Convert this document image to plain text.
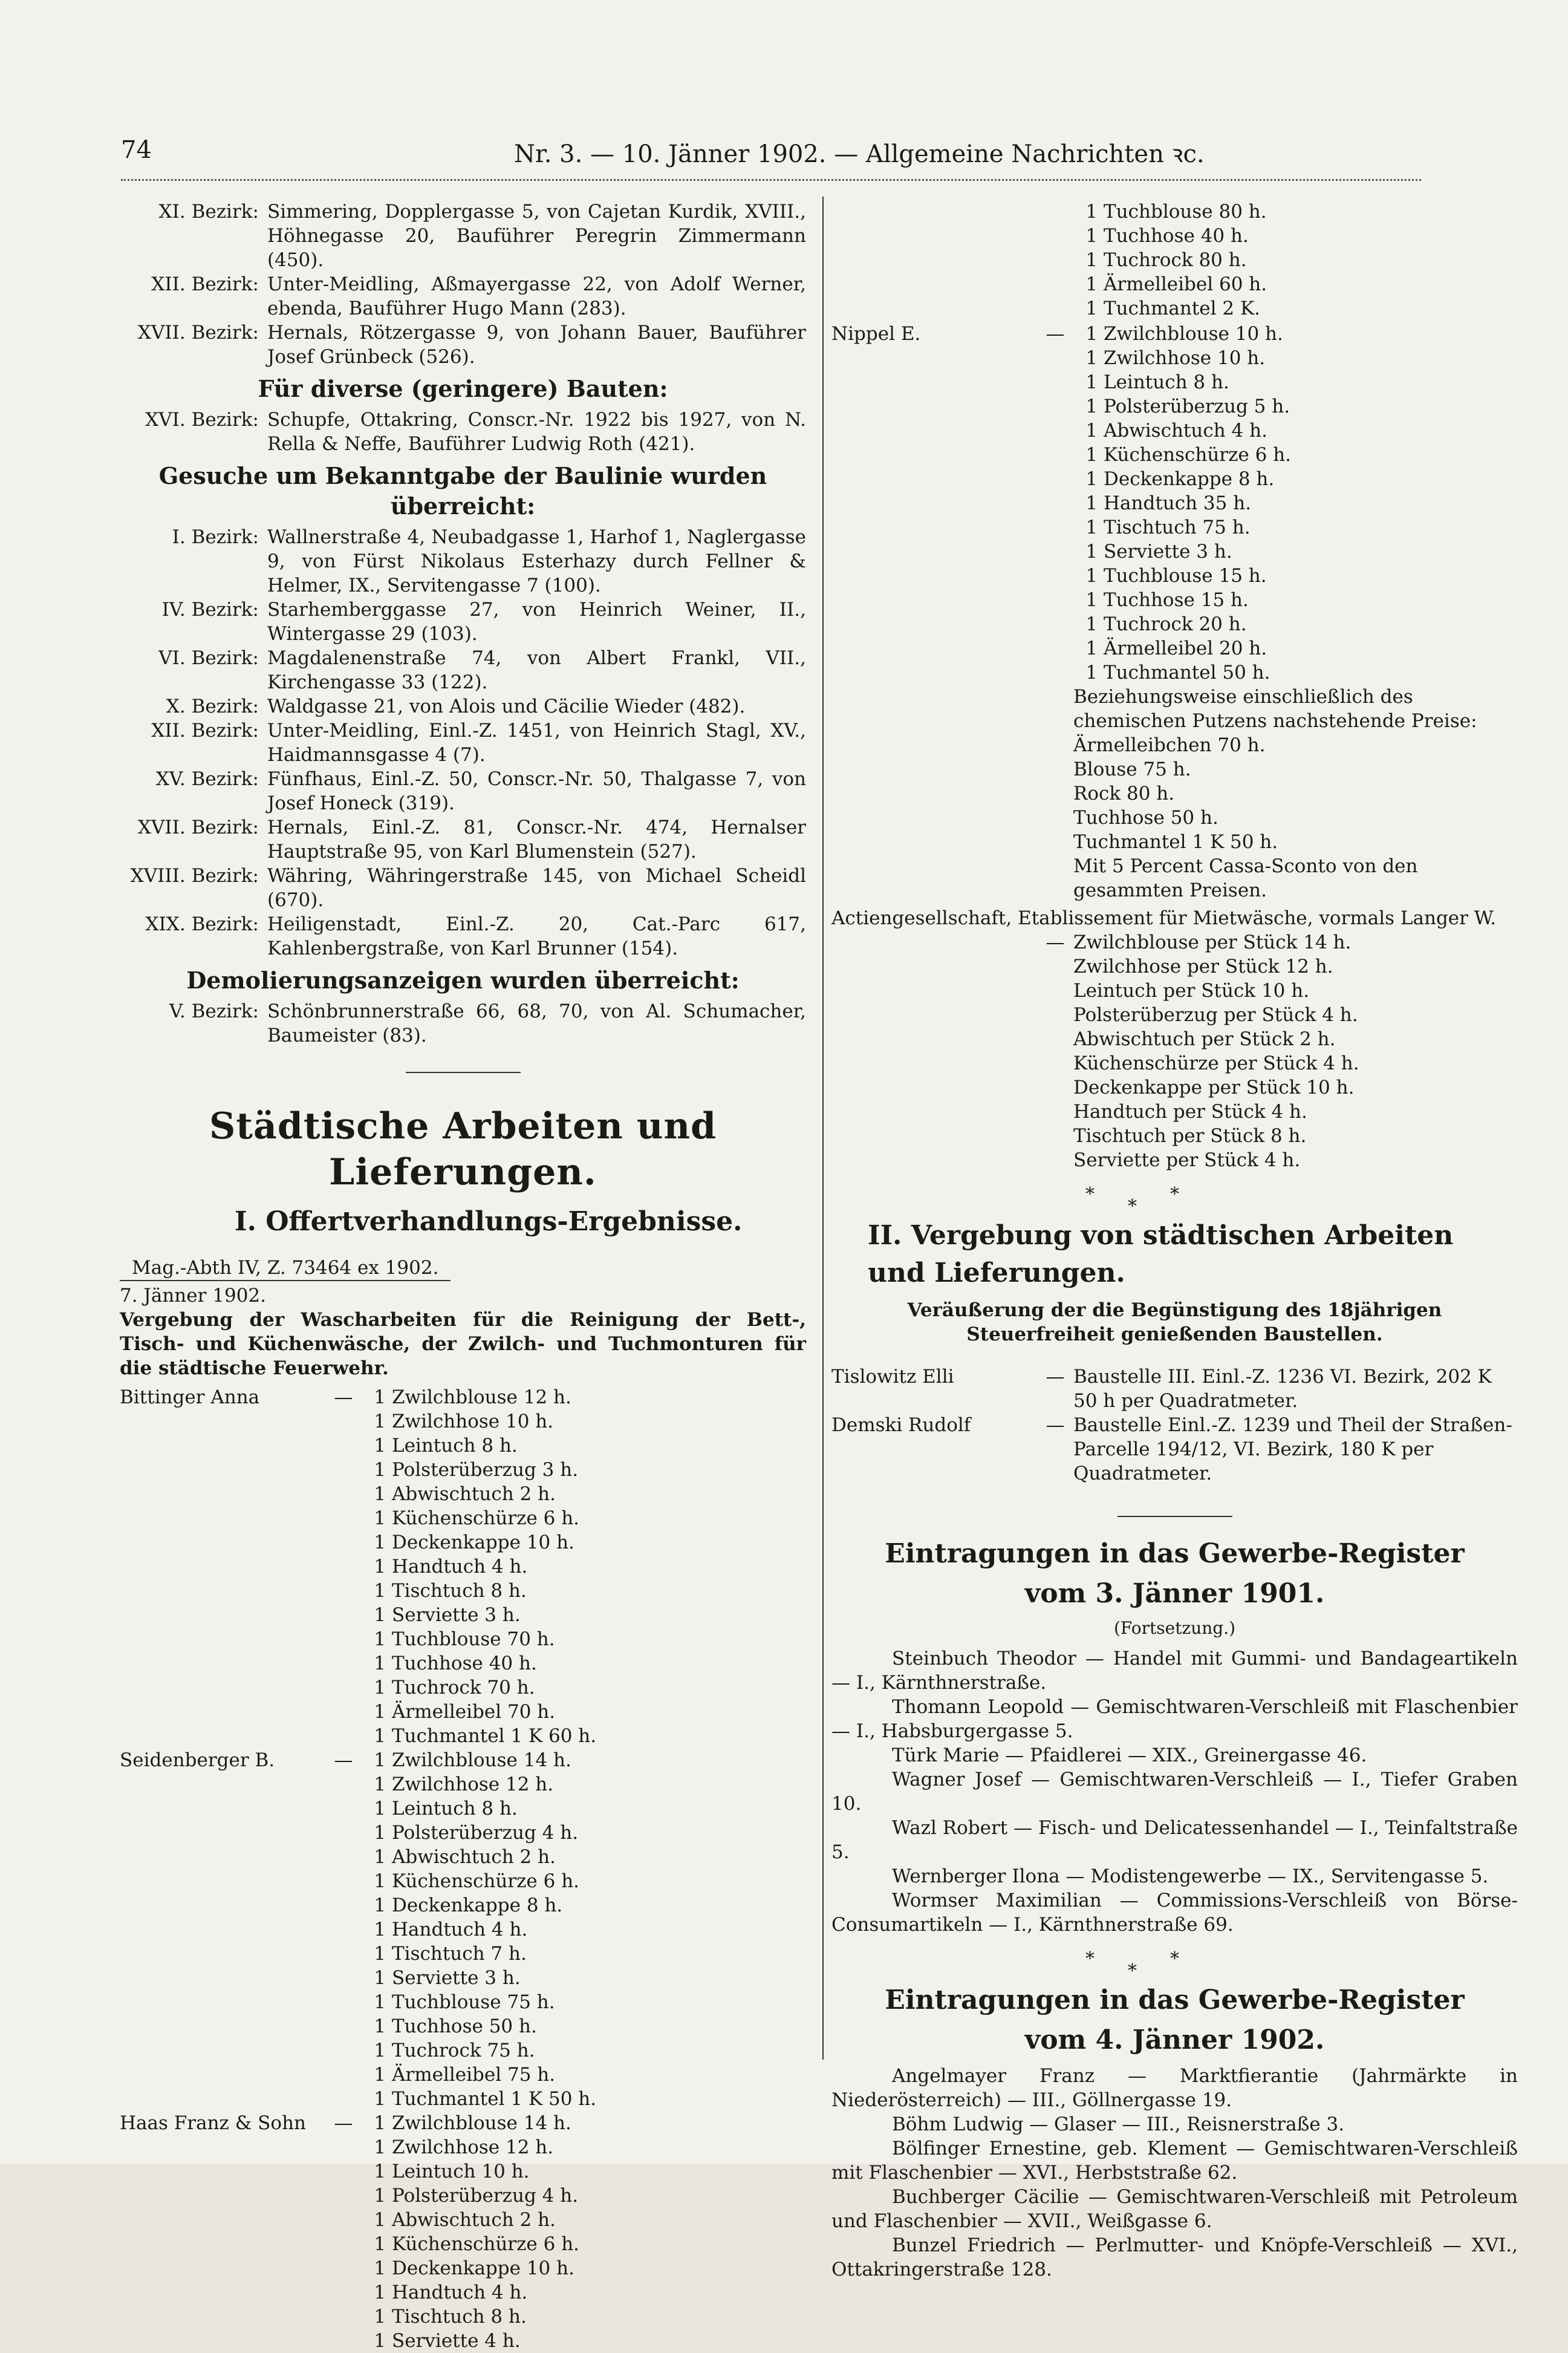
74	Nr. 3. — 10. Jänner 1902. — Allgemeine Nachrichten ꝛc.
XI. Bezirk: Simmering, Dopplergasse 5, von Cajetan Kurdik, XVIII., Höhnegasse 20, Bauführer Peregrin Zimmermann (450).
XII. Bezirk: Unter-Meidling, Aßmayergasse 22, von Adolf Werner, ebenda, Bauführer Hugo Mann (283).
XVII. Bezirk: Hernals, Rötzergasse 9, von Johann Bauer, Bauführer Josef Grünbeck (526).
Für diverse (geringere) Bauten:
XVI. Bezirk: Schupfe, Ottakring, Conscr.-Nr. 1922 bis 1927, von N. Rella & Neffe, Bauführer Ludwig Roth (421).
Gesuche um Bekanntgabe der Baulinie wurden überreicht:
I. Bezirk: Wallnerstraße 4, Neubadgasse 1, Harhof 1, Naglergasse 9, von Fürst Nikolaus Esterhazy durch Fellner & Helmer, IX., Servitengasse 7 (100).
IV. Bezirk: Starhemberggasse 27, von Heinrich Weiner, II., Wintergasse 29 (103).
VI. Bezirk: Magdalenenstraße 74, von Albert Frankl, VII., Kirchengasse 33 (122).
X. Bezirk: Waldgasse 21, von Alois und Cäcilie Wieder (482).
XII. Bezirk: Unter-Meidling, Einl.-Z. 1451, von Heinrich Stagl, XV., Haidmannsgasse 4 (7).
XV. Bezirk: Fünfhaus, Einl.-Z. 50, Conscr.-Nr. 50, Thalgasse 7, von Josef Honeck (319).
XVII. Bezirk: Hernals, Einl.-Z. 81, Conscr.-Nr. 474, Hernalser Hauptstraße 95, von Karl Blumenstein (527).
XVIII. Bezirk: Währing, Währingerstraße 145, von Michael Scheidl (670).
XIX. Bezirk: Heiligenstadt, Einl.-Z. 20, Cat.-Parc 617, Kahlenbergstraße, von Karl Brunner (154).
Demolierungsanzeigen wurden überreicht:
V. Bezirk: Schönbrunnerstraße 66, 68, 70, von Al. Schumacher, Baumeister (83).
Städtische Arbeiten und Lieferungen.
I. Offertverhandlungs-Ergebnisse.
Mag.-Abth IV, Z. 73464 ex 1902.

7. Jänner 1902.

Vergebung der Wascharbeiten für die Reinigung der Bett-, Tisch- und Küchenwäsche, der Zwilch- und Tuchmonturen für die städtische Feuerwehr.

Bittinger Anna	—	1 Zwilchblouse 12 h.
1 Zwilchhose 10 h.
1 Leintuch 8 h.
1 Polsterüberzug 3 h.
1 Abwischtuch 2 h.
1 Küchenschürze 6 h.
1 Deckenkappe 10 h.
1 Handtuch 4 h.
1 Tischtuch 8 h.
1 Serviette 3 h.
1 Tuchblouse 70 h.
1 Tuchhose 40 h.
1 Tuchrock 70 h.
1 Ärmelleibel 70 h.
1 Tuchmantel 1 K 60 h.
Seidenberger B.	—	1 Zwilchblouse 14 h.
1 Zwilchhose 12 h.
1 Leintuch 8 h.
1 Polsterüberzug 4 h.
1 Abwischtuch 2 h.
1 Küchenschürze 6 h.
1 Deckenkappe 8 h.
1 Handtuch 4 h.
1 Tischtuch 7 h.
1 Serviette 3 h.
1 Tuchblouse 75 h.
1 Tuchhose 50 h.
1 Tuchrock 75 h.
1 Ärmelleibel 75 h.
1 Tuchmantel 1 K 50 h.
Haas Franz & Sohn	—	1 Zwilchblouse 14 h.
1 Zwilchhose 12 h.
1 Leintuch 10 h.
1 Polsterüberzug 4 h.
1 Abwischtuch 2 h.
1 Küchenschürze 6 h.
1 Deckenkappe 10 h.
1 Handtuch 4 h.
1 Tischtuch 8 h.
1 Serviette 4 h.
1 Tuchblouse 80 h.
1 Tuchhose 40 h.
1 Tuchrock 80 h.
1 Ärmelleibel 60 h.
1 Tuchmantel 2 K.
Nippel E.	—	1 Zwilchblouse 10 h.
1 Zwilchhose 10 h.
1 Leintuch 8 h.
1 Polsterüberzug 5 h.
1 Abwischtuch 4 h.
1 Küchenschürze 6 h.
1 Deckenkappe 8 h.
1 Handtuch 35 h.
1 Tischtuch 75 h.
1 Serviette 3 h.
1 Tuchblouse 15 h.
1 Tuchhose 15 h.
1 Tuchrock 20 h.
1 Ärmelleibel 20 h.
1 Tuchmantel 50 h.
Beziehungsweise einschließlich des chemischen Putzens nachstehende Preise:
Ärmelleibchen 70 h.
Blouse 75 h.
Rock 80 h.
Tuchhose 50 h.
Tuchmantel 1 K 50 h.
Mit 5 Percent Cassa-Sconto von den gesammten Preisen.

Actiengesellschaft, Etablissement für Mietwäsche, vormals Langer W.

— Zwilchblouse per Stück 14 h.
Zwilchhose per Stück 12 h.
Leintuch per Stück 10 h.
Polsterüberzug per Stück 4 h.
Abwischtuch per Stück 2 h.
Küchenschürze per Stück 4 h.
Deckenkappe per Stück 10 h.
Handtuch per Stück 4 h.
Tischtuch per Stück 8 h.
Serviette per Stück 4 h.
*	*
*
II. Vergebung von städtischen Arbeiten und Lieferungen.

Veräußerung der die Begünstigung des 18jährigen Steuerfreiheit genießenden Baustellen.

Tislowitz Elli	— Baustelle III. Einl.-Z. 1236 VI. Bezirk, 202 K 50 h per Quadratmeter.
Demski Rudolf	— Baustelle Einl.-Z. 1239 und Theil der Straßen-Parcelle 194/12, VI. Bezirk, 180 K per Quadratmeter.
Eintragungen in das Gewerbe-Register
vom 3. Jänner 1901.
(Fortsetzung.)

Steinbuch Theodor — Handel mit Gummi- und Bandageartikeln — I., Kärnthnerstraße.

Thomann Leopold — Gemischtwaren-Verschleiß mit Flaschenbier — I., Habsburgergasse 5.

Türk Marie — Pfaidlerei — XIX., Greinergasse 46.

Wagner Josef — Gemischtwaren-Verschleiß — I., Tiefer Graben 10.

Wazl Robert — Fisch- und Delicatessenhandel — I., Teinfaltstraße 5.

Wernberger Ilona — Modistengewerbe — IX., Servitengasse 5.

Wormser Maximilian — Commissions-Verschleiß von Börse-Consumartikeln — I., Kärnthnerstraße 69.

*	*
*
Eintragungen in das Gewerbe-Register
vom 4. Jänner 1902.

Angelmayer Franz — Marktfierantie (Jahrmärkte in Niederösterreich) — III., Göllnergasse 19.

Böhm Ludwig — Glaser — III., Reisnerstraße 3.

Bölfinger Ernestine, geb. Klement — Gemischtwaren-Verschleiß mit Flaschenbier — XVI., Herbststraße 62.

Buchberger Cäcilie — Gemischtwaren-Verschleiß mit Petroleum und Flaschenbier — XVII., Weißgasse 6.

Bunzel Friedrich — Perlmutter- und Knöpfe-Verschleiß — XVI., Ottakringerstraße 128.
